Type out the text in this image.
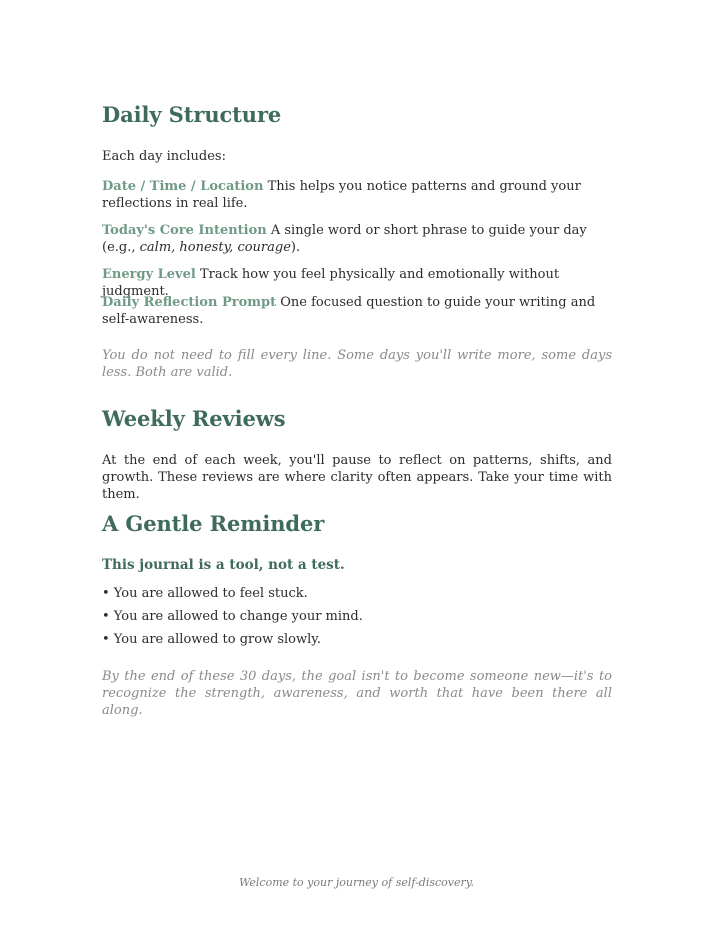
Daily Structure

Each day includes:

Date / Time / Location This helps you notice patterns and ground your reflections in real life.

Today's Core Intention A single word or short phrase to guide your day (e.g., calm, honesty, courage).

Energy Level Track how you feel physically and emotionally without judgment.

Daily Reflection Prompt One focused question to guide your writing and self-awareness.

You do not need to fill every line. Some days you'll write more, some days less. Both are valid.

Weekly Reviews

At the end of each week, you'll pause to reflect on patterns, shifts, and growth. These reviews are where clarity often appears. Take your time with them.

A Gentle Reminder

This journal is a tool, not a test.

• You are allowed to feel stuck.

• You are allowed to change your mind.

• You are allowed to grow slowly.

By the end of these 30 days, the goal isn't to become someone new—it's to recognize the strength, awareness, and worth that have been there all along.

Welcome to your journey of self-discovery.
